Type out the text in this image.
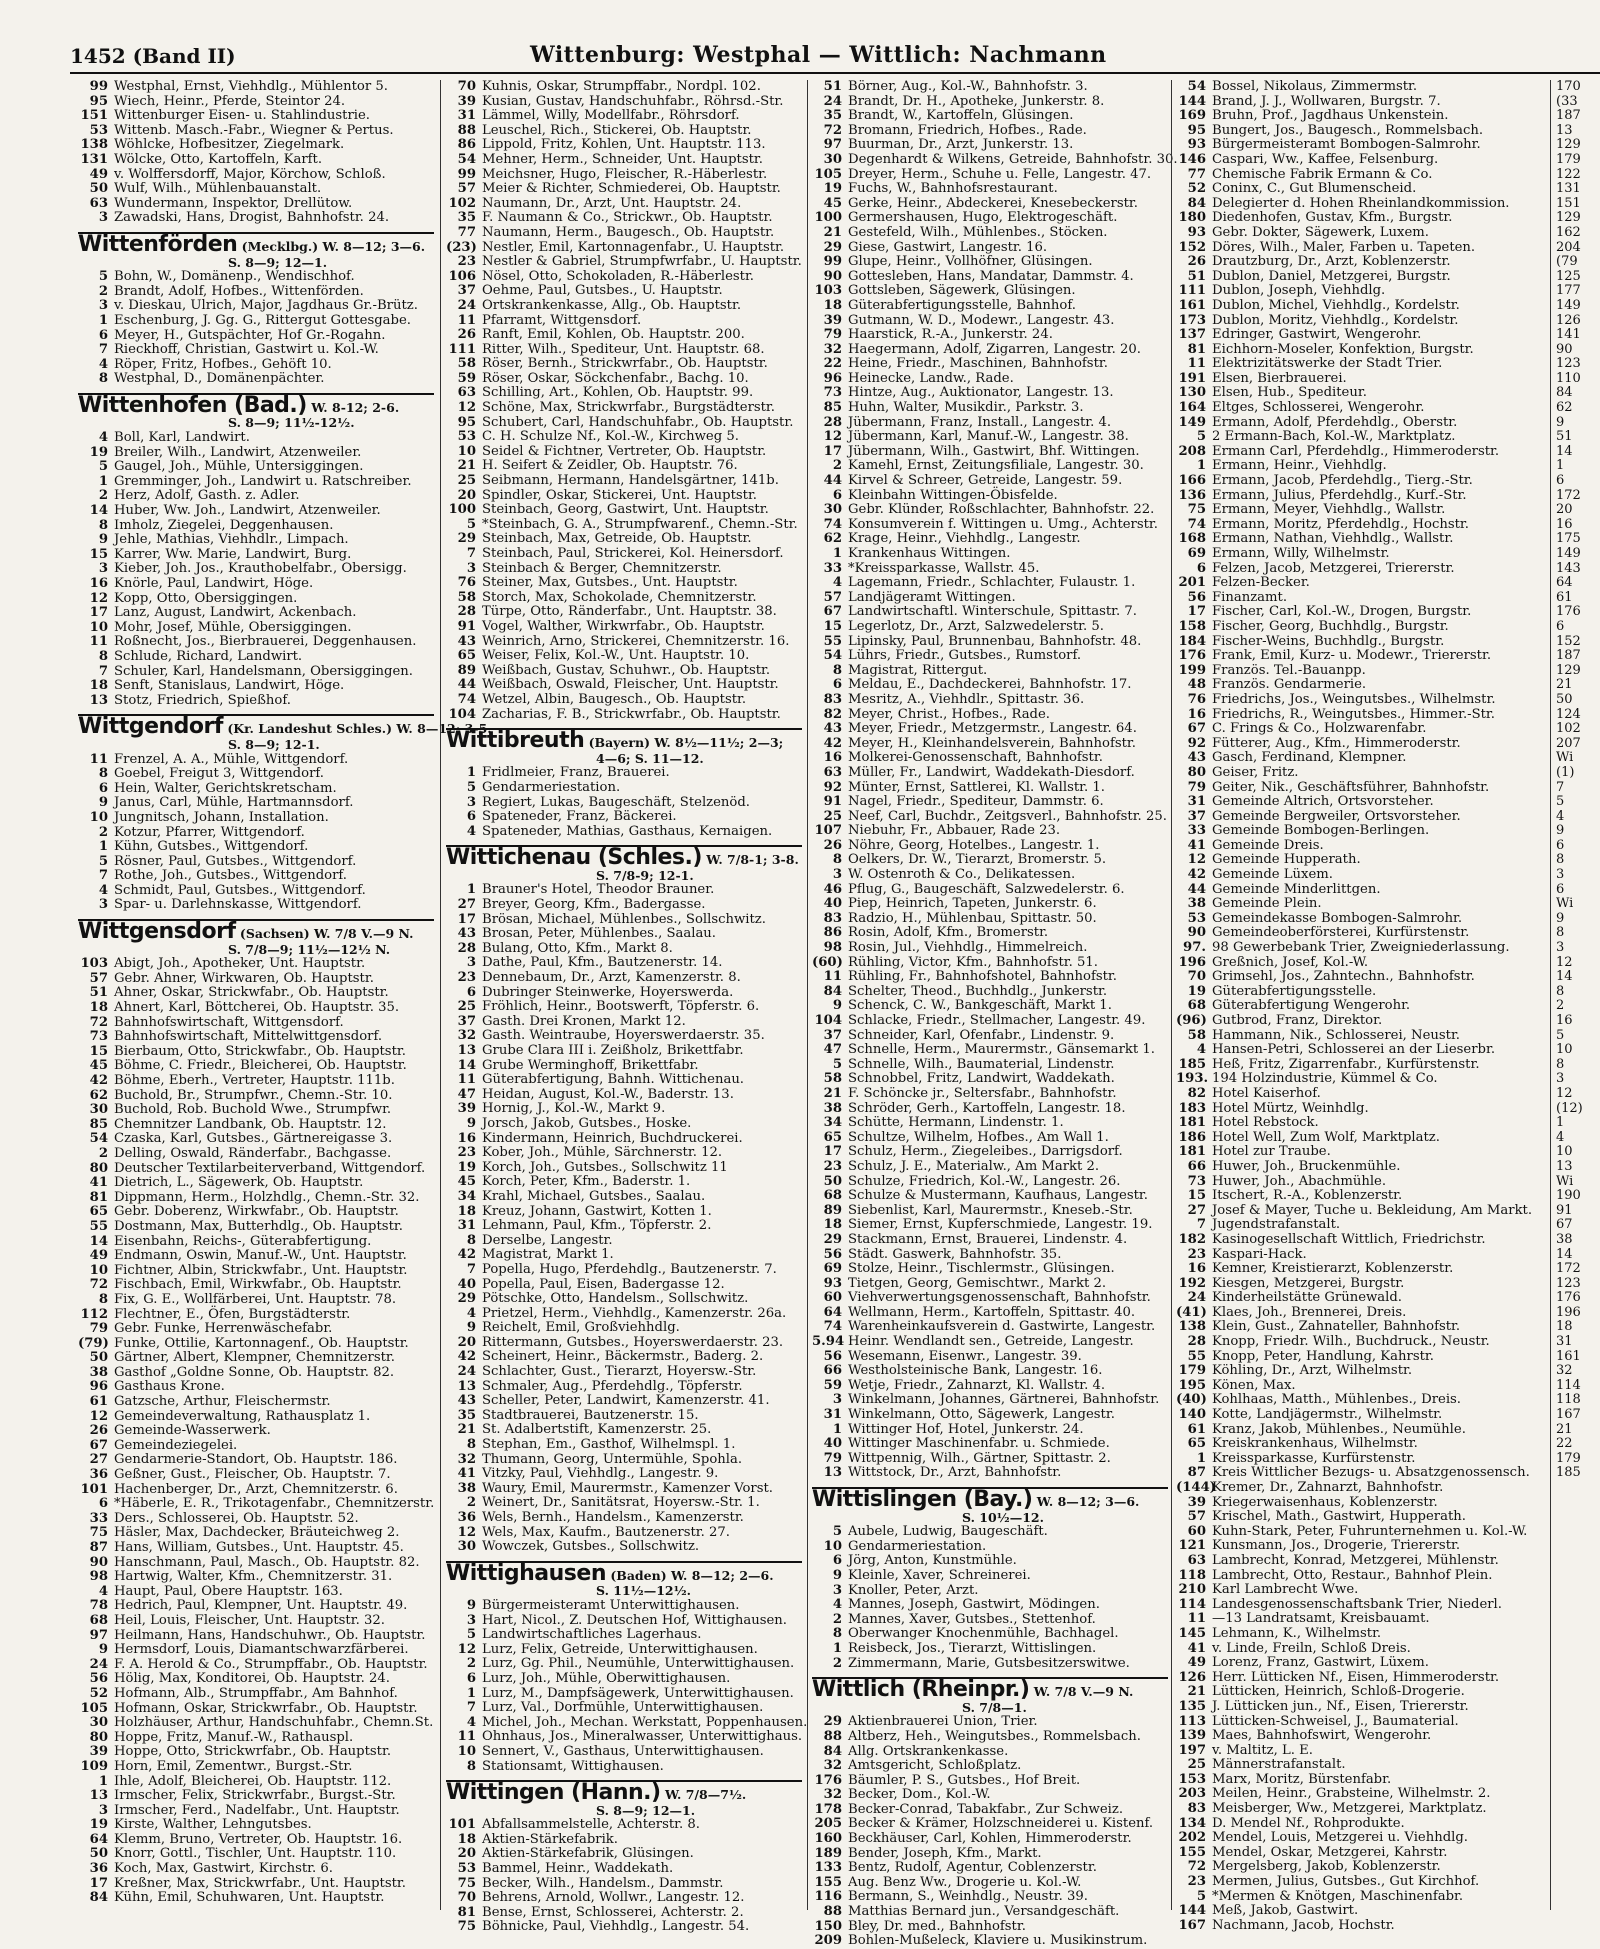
1452 (Band II)	Wittenburg: Westphal — Wittlich: Nachmann
99 Westphal, Ernst, Viehhdlg., Mühlentor 5.
95 Wiech, Heinr., Pferde, Steintor 24.
151 Wittenburger Eisen- u. Stahlindustrie.
53 Wittenb. Masch.-Fabr., Wiegner & Pertus.
138 Wöhlcke, Hofbesitzer, Ziegelmark.
131 Wölcke, Otto, Kartoffeln, Karft.
49 v. Wolffersdorff, Major, Körchow, Schloß.
50 Wulf, Wilh., Mühlenbauanstalt.
63 Wundermann, Inspektor, Drellütow.
3 Zawadski, Hans, Drogist, Bahnhofstr. 24.
Wittenförden (Mecklbg.) W. 8—12; 3—6.
S. 8—9; 12—1.
5 Bohn, W., Domänenp., Wendischhof.
2 Brandt, Adolf, Hofbes., Wittenförden.
3 v. Dieskau, Ulrich, Major, Jagdhaus Gr.-Brütz.
1 Eschenburg, J. Gg. G., Rittergut Gottesgabe.
6 Meyer, H., Gutspächter, Hof Gr.-Rogahn.
7 Rieckhoff, Christian, Gastwirt u. Kol.-W.
4 Röper, Fritz, Hofbes., Gehöft 10.
8 Westphal, D., Domänenpächter.
Wittenhofen (Bad.) W. 8-12; 2-6.
S. 8—9; 11½-12½.
4 Boll, Karl, Landwirt.
19 Breiler, Wilh., Landwirt, Atzenweiler.
5 Gaugel, Joh., Mühle, Untersiggingen.
1 Gremminger, Joh., Landwirt u. Ratschreiber.
2 Herz, Adolf, Gasth. z. Adler.
14 Huber, Ww. Joh., Landwirt, Atzenweiler.
8 Imholz, Ziegelei, Deggenhausen.
9 Jehle, Mathias, Viehhdlr., Limpach.
15 Karrer, Ww. Marie, Landwirt, Burg.
3 Kieber, Joh. Jos., Krauthobelfabr., Obersigg.
16 Knörle, Paul, Landwirt, Höge.
12 Kopp, Otto, Obersiggingen.
17 Lanz, August, Landwirt, Ackenbach.
10 Mohr, Josef, Mühle, Obersiggingen.
11 Roßnecht, Jos., Bierbrauerei, Deggenhausen.
8 Schlude, Richard, Landwirt.
7 Schuler, Karl, Handelsmann, Obersiggingen.
18 Senft, Stanislaus, Landwirt, Höge.
13 Stotz, Friedrich, Spießhof.
Wittgendorf (Kr. Landeshut Schles.) W. 8—12; 3-5.
S. 8—9; 12-1.
11 Frenzel, A. A., Mühle, Wittgendorf.
8 Goebel, Freigut 3, Wittgendorf.
6 Hein, Walter, Gerichtskretscham.
9 Janus, Carl, Mühle, Hartmannsdorf.
10 Jungnitsch, Johann, Installation.
2 Kotzur, Pfarrer, Wittgendorf.
1 Kühn, Gutsbes., Wittgendorf.
5 Rösner, Paul, Gutsbes., Wittgendorf.
7 Rothe, Joh., Gutsbes., Wittgendorf.
4 Schmidt, Paul, Gutsbes., Wittgendorf.
3 Spar- u. Darlehnskasse, Wittgendorf.
Wittgensdorf (Sachsen) W. 7/8 V.—9 N.
S. 7/8—9; 11½—12½ N.
103 Abigt, Joh., Apotheker, Unt. Hauptstr.
57 Gebr. Ahner, Wirkwaren, Ob. Hauptstr.
51 Ahner, Oskar, Strickwfabr., Ob. Hauptstr.
18 Ahnert, Karl, Böttcherei, Ob. Hauptstr. 35.
72 Bahnhofswirtschaft, Wittgensdorf.
73 Bahnhofswirtschaft, Mittelwittgensdorf.
15 Bierbaum, Otto, Strickwfabr., Ob. Hauptstr.
45 Böhme, C. Friedr., Bleicherei, Ob. Hauptstr.
42 Böhme, Eberh., Vertreter, Hauptstr. 111b.
62 Buchold, Br., Strumpfwr., Chemn.-Str. 10.
30 Buchold, Rob. Buchold Wwe., Strumpfwr.
85 Chemnitzer Landbank, Ob. Hauptstr. 12.
54 Czaska, Karl, Gutsbes., Gärtnereigasse 3.
2 Delling, Oswald, Ränderfabr., Bachgasse.
80 Deutscher Textilarbeiterverband, Wittgendorf.
41 Dietrich, L., Sägewerk, Ob. Hauptstr.
81 Dippmann, Herm., Holzhdlg., Chemn.-Str. 32.
65 Gebr. Doberenz, Wirkwfabr., Ob. Hauptstr.
55 Dostmann, Max, Butterhdlg., Ob. Hauptstr.
14 Eisenbahn, Reichs-, Güterabfertigung.
49 Endmann, Oswin, Manuf.-W., Unt. Hauptstr.
10 Fichtner, Albin, Strickwfabr., Unt. Hauptstr.
72 Fischbach, Emil, Wirkwfabr., Ob. Hauptstr.
8 Fix, G. E., Wollfärberei, Unt. Hauptstr. 78.
112 Flechtner, E., Öfen, Burgstädterstr.
79 Gebr. Funke, Herrenwäschefabr.
(79) Funke, Ottilie, Kartonnagenf., Ob. Hauptstr.
50 Gärtner, Albert, Klempner, Chemnitzerstr.
38 Gasthof „Goldne Sonne, Ob. Hauptstr. 82.
96 Gasthaus Krone.
61 Gatzsche, Arthur, Fleischermstr.
12 Gemeindeverwaltung, Rathausplatz 1.
26 Gemeinde-Wasserwerk.
67 Gemeindeziegelei.
27 Gendarmerie-Standort, Ob. Hauptstr. 186.
36 Geßner, Gust., Fleischer, Ob. Hauptstr. 7.
101 Hachenberger, Dr., Arzt, Chemnitzerstr. 6.
6 *Häberle, E. R., Trikotagenfabr., Chemnitzerstr.
33 Ders., Schlosserei, Ob. Hauptstr. 52.
75 Häsler, Max, Dachdecker, Bräuteichweg 2.
87 Hans, William, Gutsbes., Unt. Hauptstr. 45.
90 Hanschmann, Paul, Masch., Ob. Hauptstr. 82.
98 Hartwig, Walter, Kfm., Chemnitzerstr. 31.
4 Haupt, Paul, Obere Hauptstr. 163.
78 Hedrich, Paul, Klempner, Unt. Hauptstr. 49.
68 Heil, Louis, Fleischer, Unt. Hauptstr. 32.
97 Heilmann, Hans, Handschuhwr., Ob. Hauptstr.
9 Hermsdorf, Louis, Diamantschwarzfärberei.
24 F. A. Herold & Co., Strumpffabr., Ob. Hauptstr.
56 Hölig, Max, Konditorei, Ob. Hauptstr. 24.
52 Hofmann, Alb., Strumpffabr., Am Bahnhof.
105 Hofmann, Oskar, Strickwrfabr., Ob. Hauptstr.
30 Holzhäuser, Arthur, Handschuhfabr., Chemn.St.
80 Hoppe, Fritz, Manuf.-W., Rathauspl.
39 Hoppe, Otto, Strickwrfabr., Ob. Hauptstr.
109 Horn, Emil, Zementwr., Burgst.-Str.
1 Ihle, Adolf, Bleicherei, Ob. Hauptstr. 112.
13 Irmscher, Felix, Strickwrfabr., Burgst.-Str.
3 Irmscher, Ferd., Nadelfabr., Unt. Hauptstr.
19 Kirste, Walther, Lehngutsbes.
64 Klemm, Bruno, Vertreter, Ob. Hauptstr. 16.
50 Knorr, Gottl., Tischler, Unt. Hauptstr. 110.
36 Koch, Max, Gastwirt, Kirchstr. 6.
17 Kreßner, Max, Strickwrfabr., Unt. Hauptstr.
84 Kühn, Emil, Schuhwaren, Unt. Hauptstr.
70 Kuhnis, Oskar, Strumpffabr., Nordpl. 102.
39 Kusian, Gustav, Handschuhfabr., Röhrsd.-Str.
31 Lämmel, Willy, Modellfabr., Röhrsdorf.
88 Leuschel, Rich., Stickerei, Ob. Hauptstr.
86 Lippold, Fritz, Kohlen, Unt. Hauptstr. 113.
54 Mehner, Herm., Schneider, Unt. Hauptstr.
99 Meichsner, Hugo, Fleischer, R.-Häberlestr.
57 Meier & Richter, Schmiederei, Ob. Hauptstr.
102 Naumann, Dr., Arzt, Unt. Hauptstr. 24.
35 F. Naumann & Co., Strickwr., Ob. Hauptstr.
77 Naumann, Herm., Baugesch., Ob. Hauptstr.
(23) Nestler, Emil, Kartonnagenfabr., U. Hauptstr.
23 Nestler & Gabriel, Strumpfwrfabr., U. Hauptstr.
106 Nösel, Otto, Schokoladen, R.-Häberlestr.
37 Oehme, Paul, Gutsbes., U. Hauptstr.
24 Ortskrankenkasse, Allg., Ob. Hauptstr.
11 Pfarramt, Wittgensdorf.
26 Ranft, Emil, Kohlen, Ob. Hauptstr. 200.
111 Ritter, Wilh., Spediteur, Unt. Hauptstr. 68.
58 Röser, Bernh., Strickwrfabr., Ob. Hauptstr.
59 Röser, Oskar, Söckchenfabr., Bachg. 10.
63 Schilling, Art., Kohlen, Ob. Hauptstr. 99.
12 Schöne, Max, Strickwrfabr., Burgstädterstr.
95 Schubert, Carl, Handschuhfabr., Ob. Hauptstr.
53 C. H. Schulze Nf., Kol.-W., Kirchweg 5.
10 Seidel & Fichtner, Vertreter, Ob. Hauptstr.
21 H. Seifert & Zeidler, Ob. Hauptstr. 76.
25 Seibmann, Hermann, Handelsgärtner, 141b.
20 Spindler, Oskar, Stickerei, Unt. Hauptstr.
100 Steinbach, Georg, Gastwirt, Unt. Hauptstr.
5 *Steinbach, G. A., Strumpfwarenf., Chemn.-Str.
29 Steinbach, Max, Getreide, Ob. Hauptstr.
7 Steinbach, Paul, Strickerei, Kol. Heinersdorf.
3 Steinbach & Berger, Chemnitzerstr.
76 Steiner, Max, Gutsbes., Unt. Hauptstr.
58 Storch, Max, Schokolade, Chemnitzerstr.
28 Türpe, Otto, Ränderfabr., Unt. Hauptstr. 38.
91 Vogel, Walther, Wirkwrfabr., Ob. Hauptstr.
43 Weinrich, Arno, Strickerei, Chemnitzerstr. 16.
65 Weiser, Felix, Kol.-W., Unt. Hauptstr. 10.
89 Weißbach, Gustav, Schuhwr., Ob. Hauptstr.
44 Weißbach, Oswald, Fleischer, Unt. Hauptstr.
74 Wetzel, Albin, Baugesch., Ob. Hauptstr.
104 Zacharias, F. B., Strickwrfabr., Ob. Hauptstr.
Wittibreuth (Bayern) W. 8½—11½; 2—3;
4—6; S. 11—12.
1 Fridlmeier, Franz, Brauerei.
5 Gendarmeriestation.
3 Regiert, Lukas, Baugeschäft, Stelzenöd.
6 Spateneder, Franz, Bäckerei.
4 Spateneder, Mathias, Gasthaus, Kernaigen.
Wittichenau (Schles.) W. 7/8-1; 3-8.
S. 7/8-9; 12-1.
1 Brauner's Hotel, Theodor Brauner.
27 Breyer, Georg, Kfm., Badergasse.
17 Brösan, Michael, Mühlenbes., Sollschwitz.
43 Brosan, Peter, Mühlenbes., Saalau.
28 Bulang, Otto, Kfm., Markt 8.
3 Dathe, Paul, Kfm., Bautzenerstr. 14.
23 Dennebaum, Dr., Arzt, Kamenzerstr. 8.
6 Dubringer Steinwerke, Hoyerswerda.
25 Fröhlich, Heinr., Bootswerft, Töpferstr. 6.
37 Gasth. Drei Kronen, Markt 12.
32 Gasth. Weintraube, Hoyerswerdaerstr. 35.
13 Grube Clara III i. Zeißholz, Brikettfabr.
14 Grube Werminghoff, Brikettfabr.
11 Güterabfertigung, Bahnh. Wittichenau.
47 Heidan, August, Kol.-W., Baderstr. 13.
39 Hornig, J., Kol.-W., Markt 9.
9 Jorsch, Jakob, Gutsbes., Hoske.
16 Kindermann, Heinrich, Buchdruckerei.
23 Kober, Joh., Mühle, Särchnerstr. 12.
19 Korch, Joh., Gutsbes., Sollschwitz 11
45 Korch, Peter, Kfm., Baderstr. 1.
34 Krahl, Michael, Gutsbes., Saalau.
18 Kreuz, Johann, Gastwirt, Kotten 1.
31 Lehmann, Paul, Kfm., Töpferstr. 2.
8 Derselbe, Langestr.
42 Magistrat, Markt 1.
7 Popella, Hugo, Pferdehdlg., Bautzenerstr. 7.
40 Popella, Paul, Eisen, Badergasse 12.
29 Pötschke, Otto, Handelsm., Sollschwitz.
4 Prietzel, Herm., Viehhdlg., Kamenzerstr. 26a.
9 Reichelt, Emil, Großviehhdlg.
20 Rittermann, Gutsbes., Hoyerswerdaerstr. 23.
42 Scheinert, Heinr., Bäckermstr., Baderg. 2.
24 Schlachter, Gust., Tierarzt, Hoyersw.-Str.
13 Schmaler, Aug., Pferdehdlg., Töpferstr.
43 Scheller, Peter, Landwirt, Kamenzerstr. 41.
35 Stadtbrauerei, Bautzenerstr. 15.
21 St. Adalbertstift, Kamenzerstr. 25.
8 Stephan, Em., Gasthof, Wilhelmspl. 1.
32 Thumann, Georg, Untermühle, Spohla.
41 Vitzky, Paul, Viehhdlg., Langestr. 9.
38 Waury, Emil, Maurermstr., Kamenzer Vorst.
2 Weinert, Dr., Sanitätsrat, Hoyersw.-Str. 1.
36 Wels, Bernh., Handelsm., Kamenzerstr.
12 Wels, Max, Kaufm., Bautzenerstr. 27.
30 Wowczek, Gutsbes., Sollschwitz.
Wittighausen (Baden) W. 8—12; 2—6.
S. 11½—12½.
9 Bürgermeisteramt Unterwittighausen.
3 Hart, Nicol., Z. Deutschen Hof, Wittighausen.
5 Landwirtschaftliches Lagerhaus.
12 Lurz, Felix, Getreide, Unterwittighausen.
2 Lurz, Gg. Phil., Neumühle, Unterwittighausen.
6 Lurz, Joh., Mühle, Oberwittighausen.
1 Lurz, M., Dampfsägewerk, Unterwittighausen.
7 Lurz, Val., Dorfmühle, Unterwittighausen.
4 Michel, Joh., Mechan. Werkstatt, Poppenhausen.
11 Ohnhaus, Jos., Mineralwasser, Unterwittighaus.
10 Sennert, V., Gasthaus, Unterwittighausen.
8 Stationsamt, Wittighausen.
Wittingen (Hann.) W. 7/8—7½.
S. 8—9; 12—1.
101 Abfallsammelstelle, Achterstr. 8.
18 Aktien-Stärkefabrik.
20 Aktien-Stärkefabrik, Glüsingen.
53 Bammel, Heinr., Waddekath.
75 Becker, Wilh., Handelsm., Dammstr.
70 Behrens, Arnold, Wollwr., Langestr. 12.
81 Bense, Ernst, Schlosserei, Achterstr. 2.
75 Böhnicke, Paul, Viehhdlg., Langestr. 54.
51 Börner, Aug., Kol.-W., Bahnhofstr. 3.
24 Brandt, Dr. H., Apotheke, Junkerstr. 8.
35 Brandt, W., Kartoffeln, Glüsingen.
72 Bromann, Friedrich, Hofbes., Rade.
97 Buurman, Dr., Arzt, Junkerstr. 13.
30 Degenhardt & Wilkens, Getreide, Bahnhofstr. 30.
105 Dreyer, Herm., Schuhe u. Felle, Langestr. 47.
19 Fuchs, W., Bahnhofsrestaurant.
45 Gerke, Heinr., Abdeckerei, Knesebeckerstr.
100 Germershausen, Hugo, Elektrogeschäft.
21 Gestefeld, Wilh., Mühlenbes., Stöcken.
29 Giese, Gastwirt, Langestr. 16.
99 Glupe, Heinr., Vollhöfner, Glüsingen.
90 Gottesleben, Hans, Mandatar, Dammstr. 4.
103 Gottsleben, Sägewerk, Glüsingen.
18 Güterabfertigungsstelle, Bahnhof.
39 Gutmann, W. D., Modewr., Langestr. 43.
79 Haarstick, R.-A., Junkerstr. 24.
32 Haegermann, Adolf, Zigarren, Langestr. 20.
22 Heine, Friedr., Maschinen, Bahnhofstr.
96 Heinecke, Landw., Rade.
73 Hintze, Aug., Auktionator, Langestr. 13.
85 Huhn, Walter, Musikdir., Parkstr. 3.
28 Jübermann, Franz, Install., Langestr. 4.
12 Jübermann, Karl, Manuf.-W., Langestr. 38.
17 Jübermann, Wilh., Gastwirt, Bhf. Wittingen.
2 Kamehl, Ernst, Zeitungsfiliale, Langestr. 30.
44 Kirvel & Schreer, Getreide, Langestr. 59.
6 Kleinbahn Wittingen-Öbisfelde.
30 Gebr. Klünder, Roßschlachter, Bahnhofstr. 22.
74 Konsumverein f. Wittingen u. Umg., Achterstr.
62 Krage, Heinr., Viehhdlg., Langestr.
1 Krankenhaus Wittingen.
33 *Kreissparkasse, Wallstr. 45.
4 Lagemann, Friedr., Schlachter, Fulaustr. 1.
57 Landjägeramt Wittingen.
67 Landwirtschaftl. Winterschule, Spittastr. 7.
15 Legerlotz, Dr., Arzt, Salzwedelerstr. 5.
55 Lipinsky, Paul, Brunnenbau, Bahnhofstr. 48.
54 Lührs, Friedr., Gutsbes., Rumstorf.
8 Magistrat, Rittergut.
6 Meldau, E., Dachdeckerei, Bahnhofstr. 17.
83 Mesritz, A., Viehhdlr., Spittastr. 36.
82 Meyer, Christ., Hofbes., Rade.
43 Meyer, Friedr., Metzgermstr., Langestr. 64.
42 Meyer, H., Kleinhandelsverein, Bahnhofstr.
16 Molkerei-Genossenschaft, Bahnhofstr.
63 Müller, Fr., Landwirt, Waddekath-Diesdorf.
92 Münter, Ernst, Sattlerei, Kl. Wallstr. 1.
91 Nagel, Friedr., Spediteur, Dammstr. 6.
25 Neef, Carl, Buchdr., Zeitgsverl., Bahnhofstr. 25.
107 Niebuhr, Fr., Abbauer, Rade 23.
26 Nöhre, Georg, Hotelbes., Langestr. 1.
8 Oelkers, Dr. W., Tierarzt, Bromerstr. 5.
3 W. Ostenroth & Co., Delikatessen.
46 Pflug, G., Baugeschäft, Salzwedelerstr. 6.
40 Piep, Heinrich, Tapeten, Junkerstr. 6.
83 Radzio, H., Mühlenbau, Spittastr. 50.
86 Rosin, Adolf, Kfm., Bromerstr.
98 Rosin, Jul., Viehhdlg., Himmelreich.
(60) Rühling, Victor, Kfm., Bahnhofstr. 51.
11 Rühling, Fr., Bahnhofshotel, Bahnhofstr.
84 Schelter, Theod., Buchhdlg., Junkerstr.
9 Schenck, C. W., Bankgeschäft, Markt 1.
104 Schlacke, Friedr., Stellmacher, Langestr. 49.
37 Schneider, Karl, Ofenfabr., Lindenstr. 9.
47 Schnelle, Herm., Maurermstr., Gänsemarkt 1.
5 Schnelle, Wilh., Baumaterial, Lindenstr.
58 Schnobbel, Fritz, Landwirt, Waddekath.
21 F. Schöncke jr., Seltersfabr., Bahnhofstr.
38 Schröder, Gerh., Kartoffeln, Langestr. 18.
34 Schütte, Hermann, Lindenstr. 1.
65 Schultze, Wilhelm, Hofbes., Am Wall 1.
17 Schulz, Herm., Ziegeleibes., Darrigsdorf.
23 Schulz, J. E., Materialw., Am Markt 2.
50 Schulze, Friedrich, Kol.-W., Langestr. 26.
68 Schulze & Mustermann, Kaufhaus, Langestr.
89 Siebenlist, Karl, Maurermstr., Kneseb.-Str.
18 Siemer, Ernst, Kupferschmiede, Langestr. 19.
29 Stackmann, Ernst, Brauerei, Lindenstr. 4.
56 Städt. Gaswerk, Bahnhofstr. 35.
69 Stolze, Heinr., Tischlermstr., Glüsingen.
93 Tietgen, Georg, Gemischtwr., Markt 2.
60 Viehverwertungsgenossenschaft, Bahnhofstr.
64 Wellmann, Herm., Kartoffeln, Spittastr. 40.
74 Warenheinkaufsverein d. Gastwirte, Langestr.
5.94 Heinr. Wendlandt sen., Getreide, Langestr.
56 Wesemann, Eisenwr., Langestr. 39.
66 Westholsteinische Bank, Langestr. 16.
59 Wetje, Friedr., Zahnarzt, Kl. Wallstr. 4.
3 Winkelmann, Johannes, Gärtnerei, Bahnhofstr.
31 Winkelmann, Otto, Sägewerk, Langestr.
1 Wittinger Hof, Hotel, Junkerstr. 24.
40 Wittinger Maschinenfabr. u. Schmiede.
79 Wittpennig, Wilh., Gärtner, Spittastr. 2.
13 Wittstock, Dr., Arzt, Bahnhofstr.
Wittislingen (Bay.) W. 8—12; 3—6.
S. 10½—12.
5 Aubele, Ludwig, Baugeschäft.
10 Gendarmeriestation.
6 Jörg, Anton, Kunstmühle.
9 Kleinle, Xaver, Schreinerei.
3 Knoller, Peter, Arzt.
4 Mannes, Joseph, Gastwirt, Mödingen.
2 Mannes, Xaver, Gutsbes., Stettenhof.
8 Oberwanger Knochenmühle, Bachhagel.
1 Reisbeck, Jos., Tierarzt, Wittislingen.
2 Zimmermann, Marie, Gutsbesitzerswitwe.
Wittlich (Rheinpr.) W. 7/8 V.—9 N.
S. 7/8—1.
29 Aktienbrauerei Union, Trier.
88 Altberz, Heh., Weingutsbes., Rommelsbach.
84 Allg. Ortskrankenkasse.
32 Amtsgericht, Schloßplatz.
176 Bäumler, P. S., Gutsbes., Hof Breit.
32 Becker, Dom., Kol.-W.
178 Becker-Conrad, Tabakfabr., Zur Schweiz.
205 Becker & Krämer, Holzschneiderei u. Kistenf.
160 Beckhäuser, Carl, Kohlen, Himmeroderstr.
189 Bender, Joseph, Kfm., Markt.
133 Bentz, Rudolf, Agentur, Coblenzerstr.
155 Aug. Benz Ww., Drogerie u. Kol.-W.
116 Bermann, S., Weinhdlg., Neustr. 39.
88 Matthias Bernard jun., Versandgeschäft.
150 Bley, Dr. med., Bahnhofstr.
209 Bohlen-Mußeleck, Klaviere u. Musikinstrum.
54 Bossel, Nikolaus, Zimmermstr.
144 Brand, J. J., Wollwaren, Burgstr. 7.
169 Bruhn, Prof., Jagdhaus Unkenstein.
95 Bungert, Jos., Baugesch., Rommelsbach.
93 Bürgermeisteramt Bombogen-Salmrohr.
146 Caspari, Ww., Kaffee, Felsenburg.
77 Chemische Fabrik Ermann & Co.
52 Coninx, C., Gut Blumenscheid.
84 Delegierter d. Hohen Rheinlandkommission.
180 Diedenhofen, Gustav, Kfm., Burgstr.
93 Gebr. Dokter, Sägewerk, Luxem.
152 Döres, Wilh., Maler, Farben u. Tapeten.
26 Drautzburg, Dr., Arzt, Koblenzerstr.
51 Dublon, Daniel, Metzgerei, Burgstr.
111 Dublon, Joseph, Viehhdlg.
161 Dublon, Michel, Viehhdlg., Kordelstr.
173 Dublon, Moritz, Viehhdlg., Kordelstr.
137 Edringer, Gastwirt, Wengerohr.
81 Eichhorn-Moseler, Konfektion, Burgstr.
11 Elektrizitätswerke der Stadt Trier.
191 Elsen, Bierbrauerei.
130 Elsen, Hub., Spediteur.
164 Eltges, Schlosserei, Wengerohr.
149 Ermann, Adolf, Pferdehdlg., Oberstr.
5 2 Ermann-Bach, Kol.-W., Marktplatz.
208 Ermann Carl, Pferdehdlg., Himmeroderstr.
1 Ermann, Heinr., Viehhdlg.
166 Ermann, Jacob, Pferdehdlg., Tierg.-Str.
136 Ermann, Julius, Pferdehdlg., Kurf.-Str.
75 Ermann, Meyer, Viehhdlg., Wallstr.
74 Ermann, Moritz, Pferdehdlg., Hochstr.
168 Ermann, Nathan, Viehhdlg., Wallstr.
69 Ermann, Willy, Wilhelmstr.
6 Felzen, Jacob, Metzgerei, Triererstr.
201 Felzen-Becker.
56 Finanzamt.
17 Fischer, Carl, Kol.-W., Drogen, Burgstr.
158 Fischer, Georg, Buchhdlg., Burgstr.
184 Fischer-Weins, Buchhdlg., Burgstr.
176 Frank, Emil, Kurz- u. Modewr., Triererstr.
199 Französ. Tel.-Bauanpp.
48 Französ. Gendarmerie.
76 Friedrichs, Jos., Weingutsbes., Wilhelmstr.
16 Friedrichs, R., Weingutsbes., Himmer.-Str.
67 C. Frings & Co., Holzwarenfabr.
92 Fütterer, Aug., Kfm., Himmeroderstr.
43 Gasch, Ferdinand, Klempner.
80 Geiser, Fritz.
79 Geiter, Nik., Geschäftsführer, Bahnhofstr.
31 Gemeinde Altrich, Ortsvorsteher.
37 Gemeinde Bergweiler, Ortsvorsteher.
33 Gemeinde Bombogen-Berlingen.
41 Gemeinde Dreis.
12 Gemeinde Hupperath.
42 Gemeinde Lüxem.
44 Gemeinde Minderlittgen.
38 Gemeinde Plein.
53 Gemeindekasse Bombogen-Salmrohr.
90 Gemeindeoberförsterei, Kurfürstenstr.
97. 98 Gewerbebank Trier, Zweigniederlassung.
196 Greßnich, Josef, Kol.-W.
70 Grimsehl, Jos., Zahntechn., Bahnhofstr.
19 Güterabfertigungsstelle.
68 Güterabfertigung Wengerohr.
(96) Gutbrod, Franz, Direktor.
58 Hammann, Nik., Schlosserei, Neustr.
4 Hansen-Petri, Schlosserei an der Lieserbr.
185 Heß, Fritz, Zigarrenfabr., Kurfürstenstr.
193. 194 Holzindustrie, Kümmel & Co.
82 Hotel Kaiserhof.
183 Hotel Mürtz, Weinhdlg.
181 Hotel Rebstock.
186 Hotel Well, Zum Wolf, Marktplatz.
181 Hotel zur Traube.
66 Huwer, Joh., Bruckenmühle.
73 Huwer, Joh., Abachmühle.
15 Itschert, R.-A., Koblenzerstr.
27 Josef & Mayer, Tuche u. Bekleidung, Am Markt.
7 Jugendstrafanstalt.
182 Kasinogesellschaft Wittlich, Friedrichstr.
23 Kaspari-Hack.
16 Kemner, Kreistierarzt, Koblenzerstr.
192 Kiesgen, Metzgerei, Burgstr.
24 Kinderheilstätte Grünewald.
(41) Klaes, Joh., Brennerei, Dreis.
138 Klein, Gust., Zahnateller, Bahnhofstr.
28 Knopp, Friedr. Wilh., Buchdruck., Neustr.
55 Knopp, Peter, Handlung, Kahrstr.
179 Köhling, Dr., Arzt, Wilhelmstr.
195 Könen, Max.
(40) Kohlhaas, Matth., Mühlenbes., Dreis.
140 Kotte, Landjägermstr., Wilhelmstr.
61 Kranz, Jakob, Mühlenbes., Neumühle.
65 Kreiskrankenhaus, Wilhelmstr.
1 Kreissparkasse, Kurfürstenstr.
87 Kreis Wittlicher Bezugs- u. Absatzgenossensch.
(144)Kremer, Dr., Zahnarzt, Bahnhofstr.
39 Kriegerwaisenhaus, Koblenzerstr.
57 Krischel, Math., Gastwirt, Hupperath.
60 Kuhn-Stark, Peter, Fuhrunternehmen u. Kol.-W.
121 Kunsmann, Jos., Drogerie, Triererstr.
63 Lambrecht, Konrad, Metzgerei, Mühlenstr.
118 Lambrecht, Otto, Restaur., Bahnhof Plein.
210 Karl Lambrecht Wwe.
114 Landesgenossenschaftsbank Trier, Niederl.
11 —13 Landratsamt, Kreisbauamt.
145 Lehmann, K., Wilhelmstr.
41 v. Linde, Freiln, Schloß Dreis.
49 Lorenz, Franz, Gastwirt, Lüxem.
126 Herr. Lütticken Nf., Eisen, Himmeroderstr.
21 Lütticken, Heinrich, Schloß-Drogerie.
135 J. Lütticken jun., Nf., Eisen, Triererstr.
113 Lütticken-Schweisel, J., Baumaterial.
139 Maes, Bahnhofswirt, Wengerohr.
197 v. Maltitz, L. E.
25 Männerstrafanstalt.
153 Marx, Moritz, Bürstenfabr.
203 Meilen, Heinr., Grabsteine, Wilhelmstr. 2.
83 Meisberger, Ww., Metzgerei, Marktplatz.
134 D. Mendel Nf., Rohprodukte.
202 Mendel, Louis, Metzgerei u. Viehhdlg.
155 Mendel, Oskar, Metzgerei, Kahrstr.
72 Mergelsberg, Jakob, Koblenzerstr.
23 Mermen, Julius, Gutsbes., Gut Kirchhof.
5 *Mermen & Knötgen, Maschinenfabr.
144 Meß, Jakob, Gastwirt.
167 Nachmann, Jacob, Hochstr.
170
(33
187
13
129
179
122
131
151
129
162
204
(79
125
177
149
126
141
90
123
110
84
62
9
51
14
1
6
172
20
16
175
149
143
64
61
176
6
152
187
129
21
50
124
102
207
Wi
(1)
7
5
4
9
6
8
3
6
Wi
9
8
3
12
14
8
2
16
5
10
8
3
12
(12)
1
4
10
13
Wi
190
91
67
38
14
172
123
176
196
18
31
161
32
114
118
167
21
22
179
185
